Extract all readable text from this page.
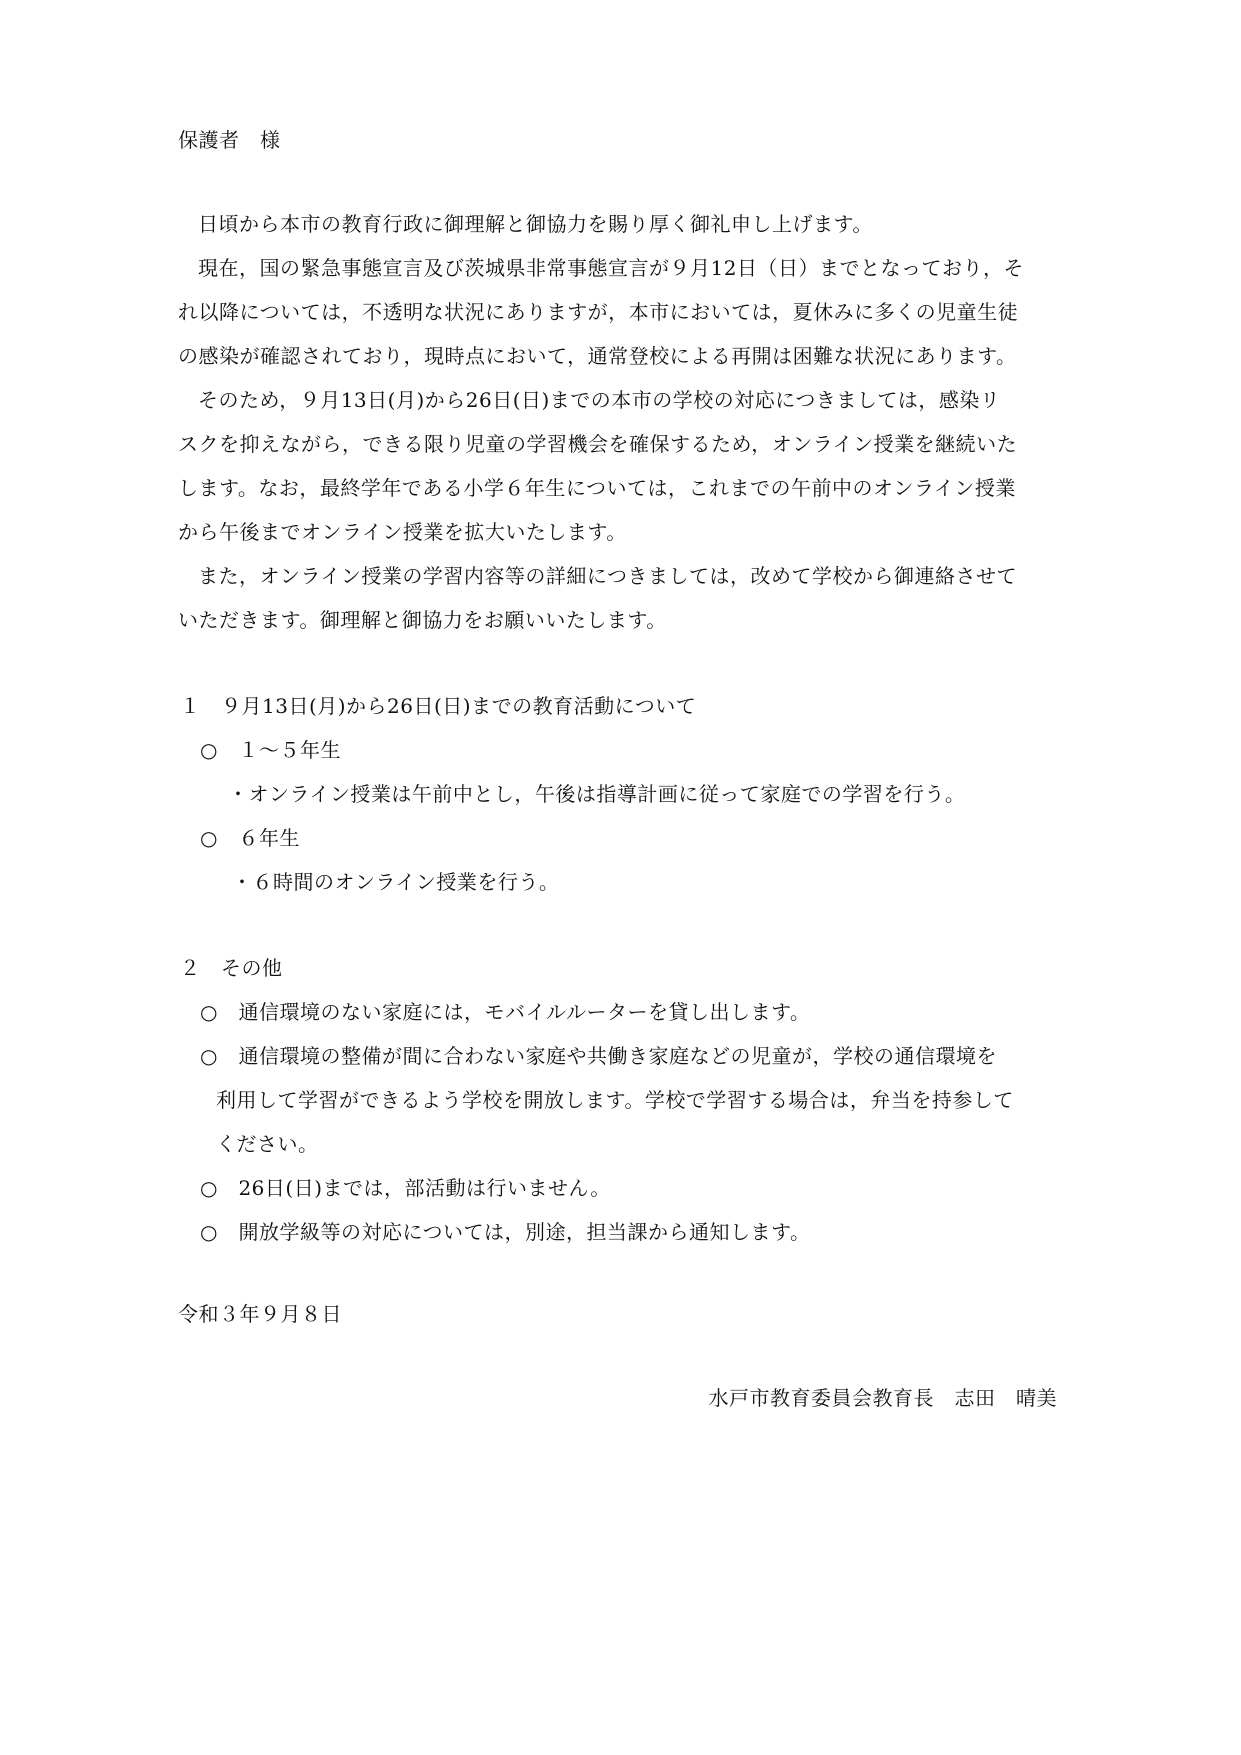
保護者　様
日頃から本市の教育行政に御理解と御協力を賜り厚く御礼申し上げます。
現在，国の緊急事態宣言及び茨城県非常事態宣言が９月12日（日）までとなっており，そ
れ以降については，不透明な状況にありますが，本市においては，夏休みに多くの児童生徒
の感染が確認されており，現時点において，通常登校による再開は困難な状況にあります。
そのため，９月13日(月)から26日(日)までの本市の学校の対応につきましては，感染リ
スクを抑えながら，できる限り児童の学習機会を確保するため，オンライン授業を継続いた
します。なお，最終学年である小学６年生については，これまでの午前中のオンライン授業
から午後までオンライン授業を拡大いたします。
また，オンライン授業の学習内容等の詳細につきましては，改めて学校から御連絡させて
いただきます。御理解と御協力をお願いいたします。
１　９月13日(月)から26日(日)までの教育活動について
○　１～５年生
・オンライン授業は午前中とし，午後は指導計画に従って家庭での学習を行う。
○　６年生
・６時間のオンライン授業を行う。
２　その他
○　通信環境のない家庭には，モバイルルーターを貸し出します。
○　通信環境の整備が間に合わない家庭や共働き家庭などの児童が，学校の通信環境を
利用して学習ができるよう学校を開放します。学校で学習する場合は，弁当を持参して
ください。
○　26日(日)までは，部活動は行いません。
○　開放学級等の対応については，別途，担当課から通知します。
令和３年９月８日
水戸市教育委員会教育長　志田　晴美
